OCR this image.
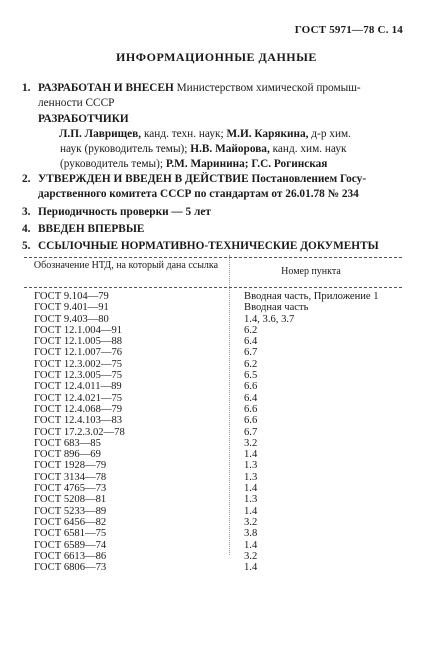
ГОСТ 5971—78 С. 14
ИНФОРМАЦИОННЫЕ ДАННЫЕ
1. РАЗРАБОТАН И ВНЕСЕН Министерством химической промыш-
ленности СССР
РАЗРАБОТЧИКИ
Л.П. Лаврищев, канд. техн. наук; М.И. Карякина, д-р хим.
наук (руководитель темы); Н.В. Майорова, канд. хим. наук
(руководитель темы); Р.М. Маринина; Г.С. Рогинская
2. УТВЕРЖДЕН И ВВЕДЕН В ДЕЙСТВИЕ Постановлением Госу-
дарственного комитета СССР по стандартам от 26.01.78 № 234
3. Периодичность проверки — 5 лет
4. ВВЕДЕН ВПЕРВЫЕ
5. ССЫЛОЧНЫЕ НОРМАТИВНО-ТЕХНИЧЕСКИЕ ДОКУМЕНТЫ
Обозначение НТД, на который дана ссылка
Номер пункта
ГОСТ 9.104—79
ГОСТ 9.401—91
ГОСТ 9.403—80
ГОСТ 12.1.004—91
ГОСТ 12.1.005—88
ГОСТ 12.1.007—76
ГОСТ 12.3.002—75
ГОСТ 12.3.005—75
ГОСТ 12.4.011—89
ГОСТ 12.4.021—75
ГОСТ 12.4.068—79
ГОСТ 12.4.103—83
ГОСТ 17.2.3.02—78
ГОСТ 683—85
ГОСТ 896—69
ГОСТ 1928—79
ГОСТ 3134—78
ГОСТ 4765—73
ГОСТ 5208—81
ГОСТ 5233—89
ГОСТ 6456—82
ГОСТ 6581—75
ГОСТ 6589—74
ГОСТ 6613—86
ГОСТ 6806—73
Вводная часть, Приложение 1
Вводная часть
1.4, 3.6, 3.7
6.2
6.4
6.7
6.2
6.5
6.6
6.4
6.6
6.6
6.7
3.2
1.4
1.3
1.3
1.4
1.3
1.4
3.2
3.8
1.4
3.2
1.4
